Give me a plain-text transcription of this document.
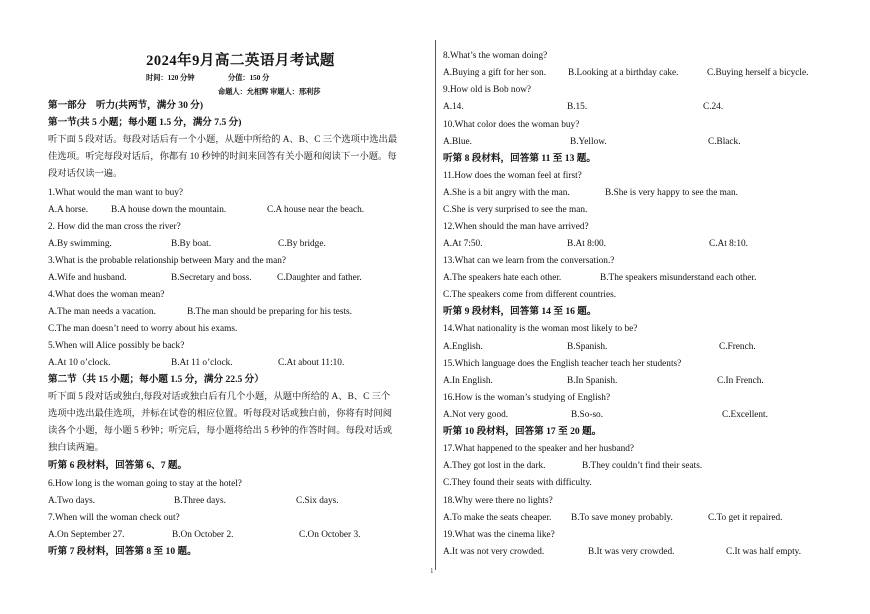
2024年9月高二英语月考试题
时间：120 分钟	分值：150 分
命题人：允相辉 审题人：邢利莎
第一部分　听力(共两节，满分 30 分)
第一节(共 5 小题；每小题 1.5 分，满分 7.5 分)
听下面 5 段对话。每段对话后有一个小题，从题中所给的 A、B、C 三个选项中选出最
佳选项。听完每段对话后，你都有 10 秒钟的时间来回答有关小题和阅读下一小题。每
段对话仅读一遍。
1.What would the man want to buy?
A.A horse. B.A house down the mountain.	C.A house near the beach.
2. How did the man cross the river?
A.By swimming.	B.By boat.	C.By bridge.
3.What is the probable relationship between Mary and the man?
A.Wife and husband.	B.Secretary and boss.	C.Daughter and father.
4.What does the woman mean?
A.The man needs a vacation.	B.The man should be preparing for his tests.
C.The man doesn’t need to worry about his exams.
5.When will Alice possibly be back?
A.At 10 o’clock.	B.At 11 o’clock.	C.At about 11:10.
第二节（共 15 小题；每小题 1.5 分，满分 22.5 分）
听下面 5 段对话或独白,每段对话或独白后有几个小题，从题中所给的 A、B、C 三个
选项中选出最佳选项，并标在试卷的相应位置。听每段对话或独白前，你将有时间阅
读各个小题，每小题 5 秒钟；听完后，每小题将给出 5 秒钟的作答时间。每段对话或
独白读两遍。
听第 6 段材料，回答第 6、7 题。
6.How long is the woman going to stay at the hotel?
A.Two days.	B.Three days.	C.Six days.
7.When will the woman check out?
A.On September 27.	B.On October 2.	C.On October 3.
听第 7 段材料，回答第 8 至 10 题。
8.What’s the woman doing?
A.Buying a gift for her son. B.Looking at a birthday cake.	C.Buying herself a bicycle.
9.How old is Bob now?
A.14.	B.15.	C.24.
10.What color does the woman buy?
A.Blue.	B.Yellow.	C.Black.
听第 8 段材料，回答第 11 至 13 题。
11.How does the woman feel at first?
A.She is a bit angry with the man.	B.She is very happy to see the man.
C.She is very surprised to see the man.
12.When should the man have arrived?
A.At 7:50.	B.At 8:00.	C.At 8:10.
13.What can we learn from the conversation.?
A.The speakers hate each other.	B.The speakers misunderstand each other.
C.The speakers come from different countries.
听第 9 段材料，回答第 14 至 16 题。
14.What nationality is the woman most likely to be?
A.English.	B.Spanish.	C.French.
15.Which language does the English teacher teach her students?
A.In English.	B.In Spanish.	C.In French.
16.How is the woman’s studying of English?
A.Not very good.	B.So-so.	C.Excellent.
听第 10 段材料，回答第 17 至 20 题。
17.What happened to the speaker and her husband?
A.They got lost in the dark.	B.They couldn’t find their seats.
C.They found their seats with difficulty.
18.Why were there no lights?
A.To make the seats cheaper. B.To save money probably.	C.To get it repaired.
19.What was the cinema like?
A.It was not very crowded.	B.It was very crowded.	C.It was half empty.
1
